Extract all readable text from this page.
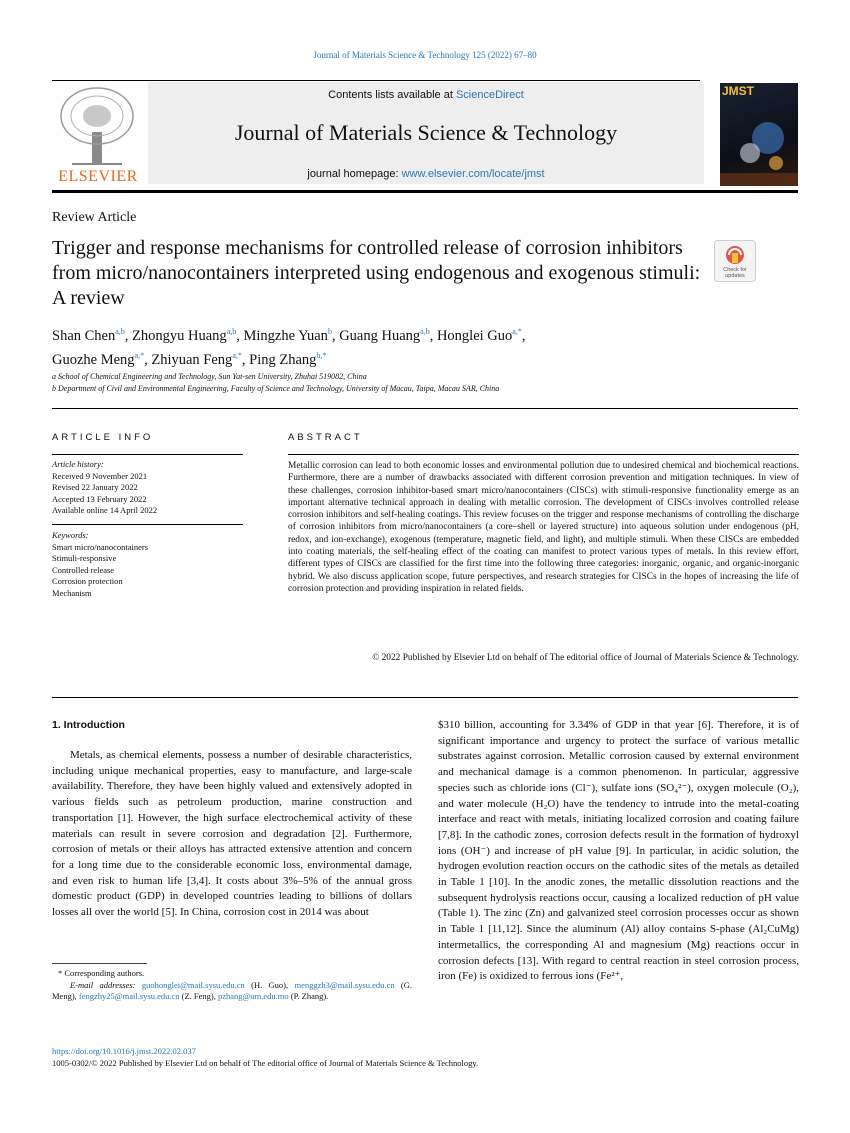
Journal of Materials Science & Technology 125 (2022) 67–80
ELSEVIER
Contents lists available at ScienceDirect
Journal of Materials Science & Technology
journal homepage: www.elsevier.com/locate/jmst
JMST
Review Article
Trigger and response mechanisms for controlled release of corrosion inhibitors from micro/nanocontainers interpreted using endogenous and exogenous stimuli: A review
Check for updates
Shan Chen$^{a,b}$, Zhongyu Huang$^{a,b}$, Mingzhe Yuan$^b$, Guang Huang$^{a,b}$, Honglei Guo$^{a,*}$,
Guozhe Meng$^{a,*}$, Zhiyuan Feng$^{a,*}$, Ping Zhang$^{b,*}$
a School of Chemical Engineering and Technology, Sun Yat-sen University, Zhuhai 519082, China
b Department of Civil and Environmental Engineering, Faculty of Science and Technology, University of Macau, Taipa, Macau SAR, China
ARTICLE INFO
Article history:
Received 9 November 2021
Revised 22 January 2022
Accepted 13 February 2022
Available online 14 April 2022
Keywords:
Smart micro/nanocontainers
Stimuli-responsive
Controlled release
Corrosion protection
Mechanism
ABSTRACT
Metallic corrosion can lead to both economic losses and environmental pollution due to undesired chemical and biochemical reactions. Furthermore, there are a number of drawbacks associated with different corrosion prevention and mitigation techniques. In view of these challenges, corrosion inhibitor-based smart micro/nanocontainers (CISCs) with stimuli-responsive functionality emerge as an important alternative technical approach in dealing with metallic corrosion. The development of CISCs involves controlled release corrosion inhibitors and self-healing coatings. This review focuses on the trigger and response mechanisms of controlling the discharge of corrosion inhibitors from micro/nanocontainers (a core–shell or layered structure) into aqueous solution under endogenous (pH, redox, and ion-exchange), exogenous (temperature, magnetic field, and light), and multiple stimuli. When these CISCs are embedded into coating materials, the self-healing effect of the coating can manifest to protect various types of metals. In this review effort, different types of CISCs are classified for the first time into the following three categories: inorganic, organic, and organic-inorganic hybrid. We also discuss application scope, future perspectives, and research strategies for CISCs in the hopes of increasing the life of corrosion protection and providing inspiration in related fields.
© 2022 Published by Elsevier Ltd on behalf of The editorial office of Journal of Materials Science & Technology.
1. Introduction

Metals, as chemical elements, possess a number of desirable characteristics, including unique mechanical properties, easy to manufacture, and large-scale availability. Therefore, they have been highly valued and extensively adopted in various fields such as petroleum production, marine construction and transportation [1]. However, the high surface electrochemical activity of these materials can result in severe corrosion and degradation [2]. Furthermore, corrosion of metals or their alloys has attracted extensive attention and concern for a long time due to the considerable economic loss, environmental damage, and even risk to human life [3,4]. It costs about 3%–5% of the annual gross domestic product (GDP) in developed countries leading to billions of dollars losses all over the world [5]. In China, corrosion cost in 2014 was about

$310 billion, accounting for 3.34% of GDP in that year [6]. Therefore, it is of significant importance and urgency to protect the surface of various metallic substrates against corrosion. Metallic corrosion caused by external environment and mechanical damage is a common phenomenon. In particular, aggressive species such as chloride ions (Cl⁻), sulfate ions (SO₄²⁻), oxygen molecule (O₂), and water molecule (H₂O) have the tendency to intrude into the metal-coating interface and react with metals, initiating localized corrosion and coating failure [7,8]. In the cathodic zones, corrosion defects result in the formation of hydroxyl ions (OH⁻) and increase of pH value [9]. In particular, in acidic solution, the hydrogen evolution reaction occurs on the cathodic sites of the metals as detailed in Table 1 [10]. In the anodic zones, the metallic dissolution reactions and the subsequent hydrolysis reactions occur, causing a localized reduction of pH value (Table 1). The zinc (Zn) and galvanized steel corrosion processes occur as shown in Table 1 [11,12]. Since the aluminum (Al) alloy contains S-phase (Al₂CuMg) intermetallics, the corresponding Al and magnesium (Mg) reactions occur in corrosion defects [13]. With regard to central reaction in steel corrosion process, iron (Fe) is oxidized to ferrous ions (Fe²⁺,

* Corresponding authors.
E-mail addresses: guohonglei@mail.sysu.edu.cn (H. Guo), menggzh3@mail.sysu.edu.cn (G. Meng), fengzhy25@mail.sysu.edu.cn (Z. Feng), pzhang@um.edu.mo (P. Zhang).
https://doi.org/10.1016/j.jmst.2022.02.037
1005-0302/© 2022 Published by Elsevier Ltd on behalf of The editorial office of Journal of Materials Science & Technology.
